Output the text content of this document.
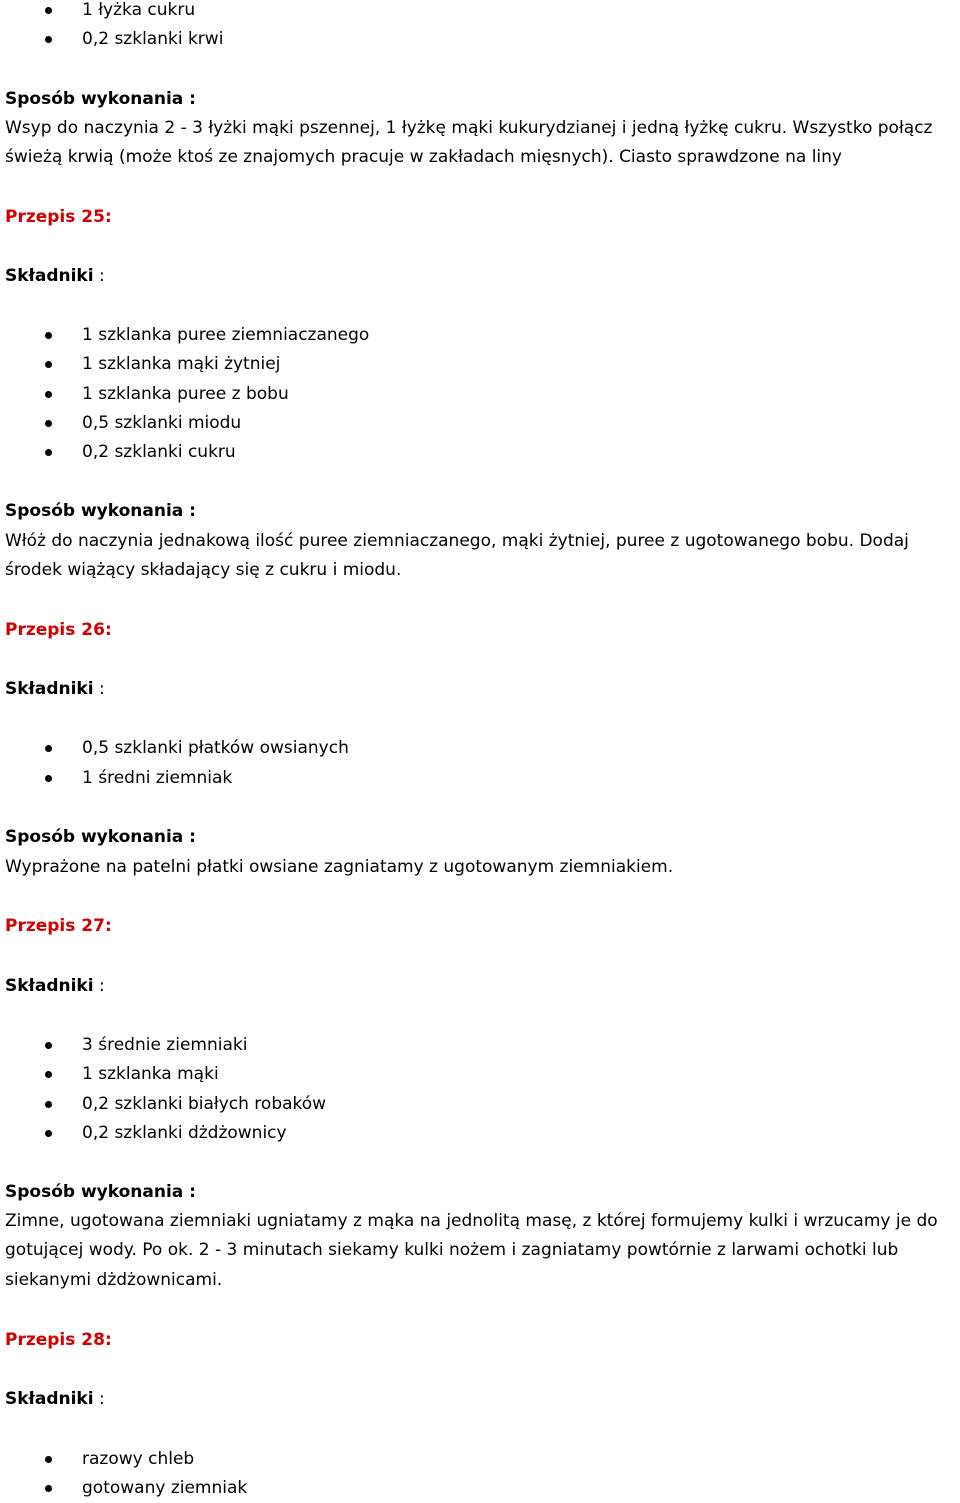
1 łyżka cukru
0,2 szklanki krwi
Sposób wykonania :
Wsyp do naczynia 2 - 3 łyżki mąki pszennej, 1 łyżkę mąki kukurydzianej i jedną łyżkę cukru. Wszystko połącz świeżą krwią (może ktoś ze znajomych pracuje w zakładach mięsnych). Ciasto sprawdzone na liny
Przepis 25:
Składniki :
1 szklanka puree ziemniaczanego
1 szklanka mąki żytniej
1 szklanka puree z bobu
0,5 szklanki miodu
0,2 szklanki cukru
Sposób wykonania :
Włóż do naczynia jednakową ilość puree ziemniaczanego, mąki żytniej, puree z ugotowanego bobu. Dodaj środek wiążący składający się z cukru i miodu.
Przepis 26:
Składniki :
0,5 szklanki płatków owsianych
1 średni ziemniak
Sposób wykonania :
Wyprażone na patelni płatki owsiane zagniatamy z ugotowanym ziemniakiem.
Przepis 27:
Składniki :
3 średnie ziemniaki
1 szklanka mąki
0,2 szklanki białych robaków
0,2 szklanki dżdżownicy
Sposób wykonania :
Zimne, ugotowana ziemniaki ugniatamy z mąka na jednolitą masę, z której formujemy kulki i wrzucamy je do gotującej wody. Po ok. 2 - 3 minutach siekamy kulki nożem i zagniatamy powtórnie z larwami ochotki lub siekanymi dżdżownicami.
Przepis 28:
Składniki :
razowy chleb
gotowany ziemniak
